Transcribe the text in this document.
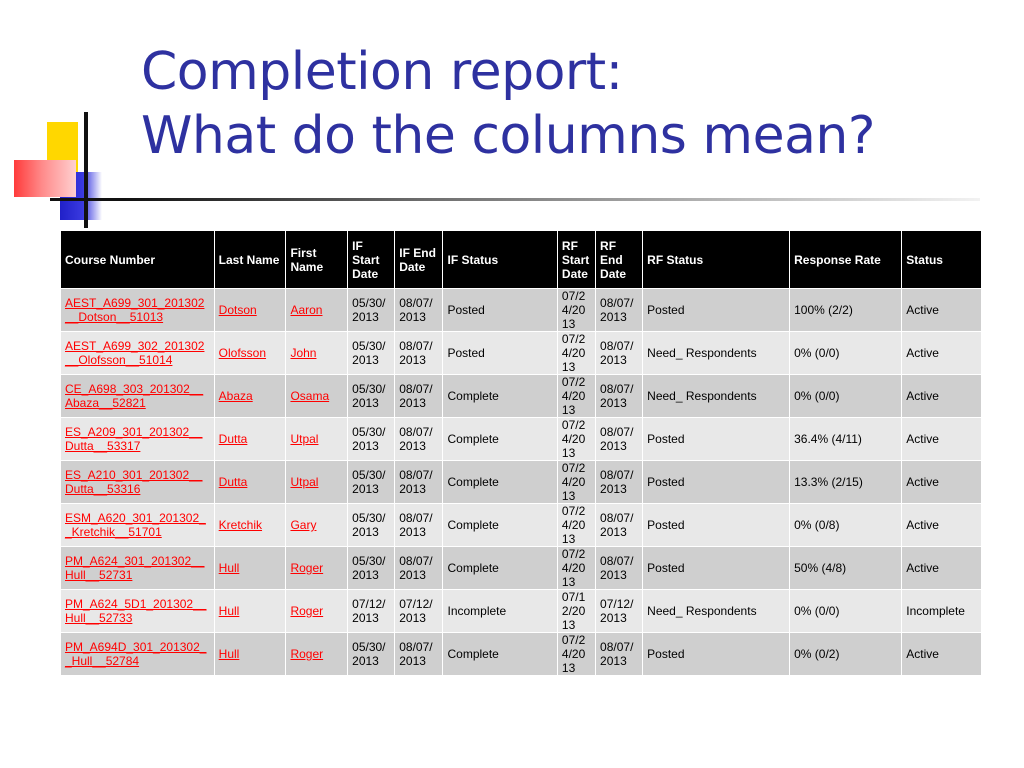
Completion report:
What do the columns mean?
Course Number	Last Name	First Name	IF Start Date	IF End Date	IF Status	RF Start Date	RF End Date	RF Status	Response Rate	Status
AEST_A699_301_201302__Dotson__51013	Dotson	Aaron	05/30/2013	08/07/2013	Posted	07/24/2013	08/07/2013	Posted	100% (2/2)	Active
AEST_A699_302_201302__Olofsson__51014	Olofsson	John	05/30/2013	08/07/2013	Posted	07/24/2013	08/07/2013	Need_ Respondents	0% (0/0)	Active
CE_A698_303_201302__Abaza__52821	Abaza	Osama	05/30/2013	08/07/2013	Complete	07/24/2013	08/07/2013	Need_ Respondents	0% (0/0)	Active
ES_A209_301_201302__Dutta__53317	Dutta	Utpal	05/30/2013	08/07/2013	Complete	07/24/2013	08/07/2013	Posted	36.4% (4/11)	Active
ES_A210_301_201302__Dutta__53316	Dutta	Utpal	05/30/2013	08/07/2013	Complete	07/24/2013	08/07/2013	Posted	13.3% (2/15)	Active
ESM_A620_301_201302__Kretchik__51701	Kretchik	Gary	05/30/2013	08/07/2013	Complete	07/24/2013	08/07/2013	Posted	0% (0/8)	Active
PM_A624_301_201302__Hull__52731	Hull	Roger	05/30/2013	08/07/2013	Complete	07/24/2013	08/07/2013	Posted	50% (4/8)	Active
PM_A624_5D1_201302__Hull__52733	Hull	Roger	07/12/2013	07/12/2013	Incomplete	07/12/2013	07/12/2013	Need_ Respondents	0% (0/0)	Incomplete
PM_A694D_301_201302__Hull__52784	Hull	Roger	05/30/2013	08/07/2013	Complete	07/24/2013	08/07/2013	Posted	0% (0/2)	Active
